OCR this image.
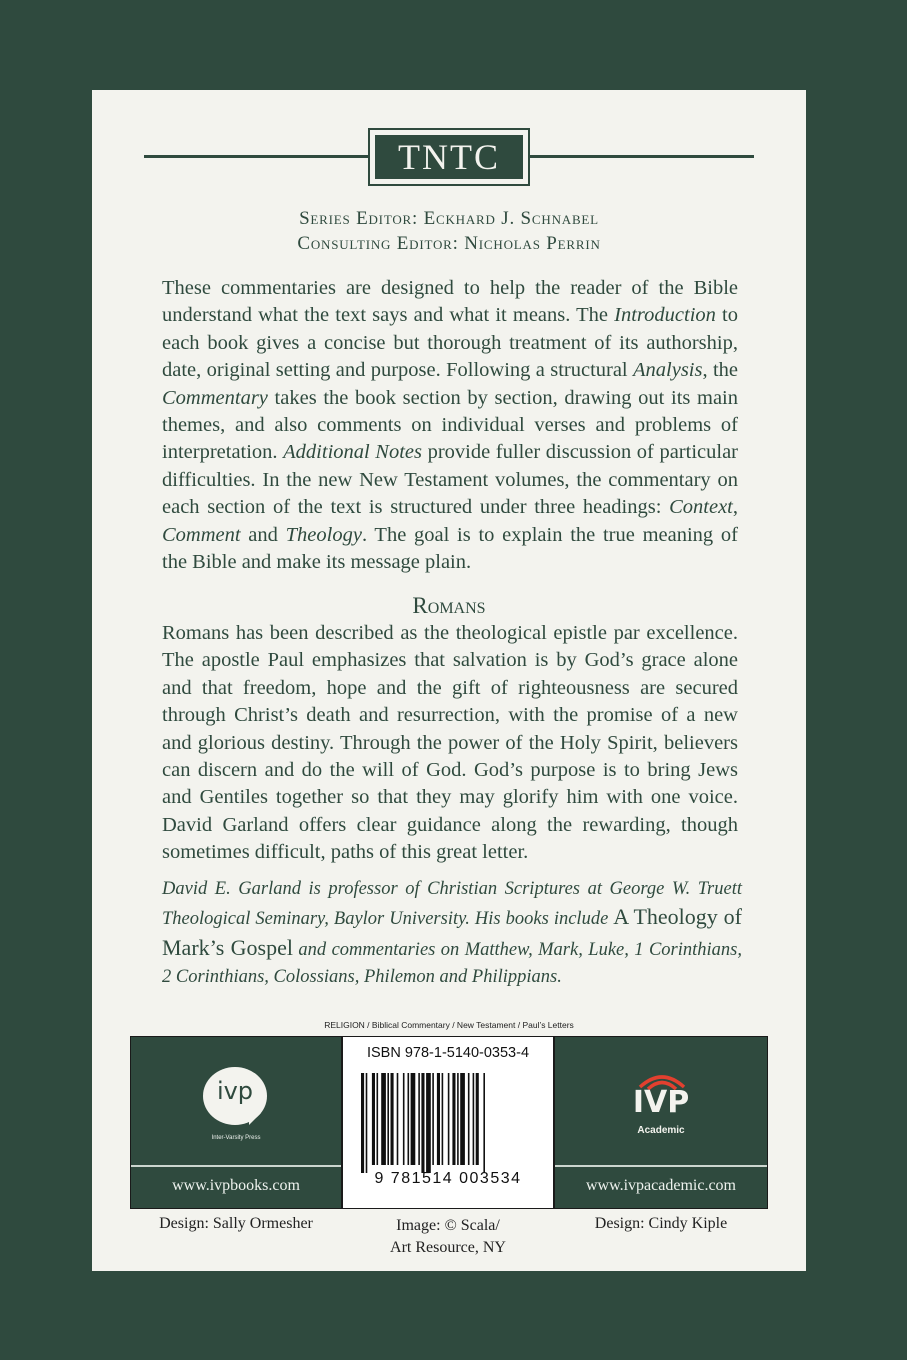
TNTC
Series Editor: Eckhard J. Schnabel
Consulting Editor: Nicholas Perrin
These commentaries are designed to help the reader of the Bible understand what the text says and what it means. The Introduction to each book gives a concise but thorough treatment of its authorship, date, original setting and purpose. Following a structural Analysis, the Commentary takes the book section by section, drawing out its main themes, and also comments on individual verses and problems of interpretation. Additional Notes provide fuller discussion of particular difficulties. In the new New Testament volumes, the commentary on each section of the text is structured under three headings: Context, Comment and Theology. The goal is to explain the true meaning of the Bible and make its message plain.
Romans
Romans has been described as the theological epistle par excellence. The apostle Paul emphasizes that salvation is by God’s grace alone and that freedom, hope and the gift of righteousness are secured through Christ’s death and resurrection, with the promise of a new and glorious destiny. Through the power of the Holy Spirit, believers can discern and do the will of God. God’s purpose is to bring Jews and Gentiles together so that they may glorify him with one voice. David Garland offers clear guidance along the rewarding, though sometimes difficult, paths of this great letter.
David E. Garland is professor of Christian Scriptures at George W. Truett Theological Seminary, Baylor University. His books include A Theology of Mark’s Gospel and commentaries on Matthew, Mark, Luke, 1 Corinthians, 2 Corinthians, Colossians, Philemon and Philippians.
RELIGION / Biblical Commentary / New Testament / Paul’s Letters
ivp
Inter-Varsity Press
www.ivpbooks.com
ISBN 978-1-5140-0353-4
9 781514 003534
IVP
Academic
www.ivpacademic.com
Design: Sally Ormesher	Image: © Scala/
Art Resource, NY
Design: Cindy Kiple
